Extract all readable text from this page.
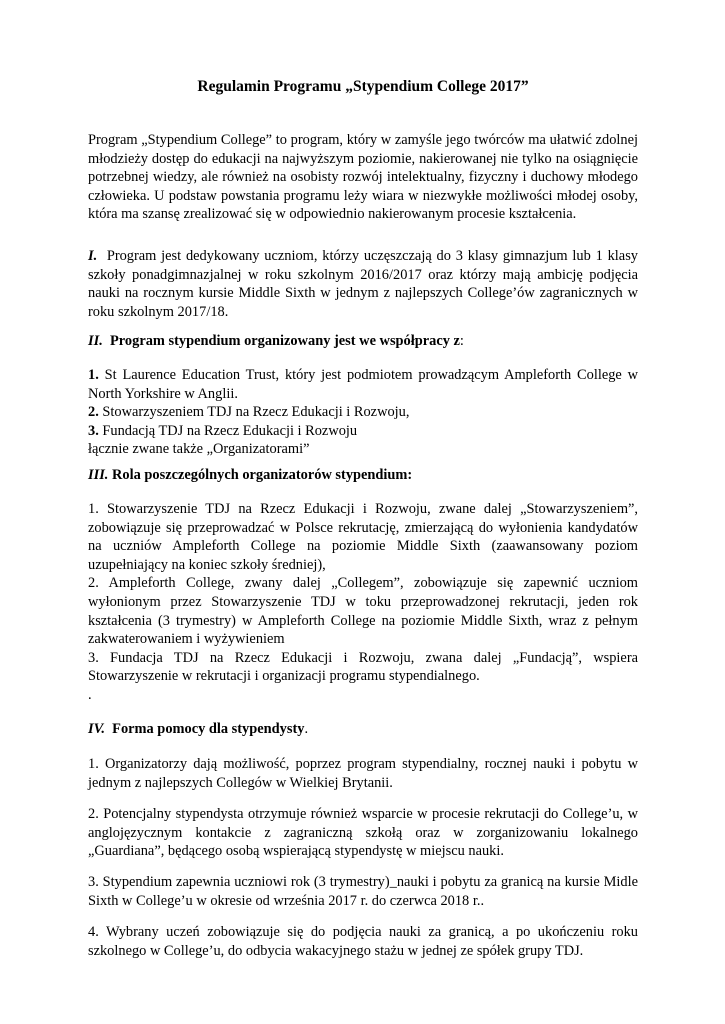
Regulamin Programu „Stypendium College 2017”

Program „Stypendium College” to program, który w zamyśle jego twórców ma ułatwić zdolnej młodzieży dostęp do edukacji na najwyższym poziomie, nakierowanej nie tylko na osiągnięcie potrzebnej wiedzy, ale również na osobisty rozwój intelektualny, fizyczny i duchowy młodego człowieka. U podstaw powstania programu leży wiara w niezwykłe możliwości młodej osoby, która ma szansę zrealizować się w odpowiednio nakierowanym procesie kształcenia.

I. Program jest dedykowany uczniom, którzy uczęszczają do 3 klasy gimnazjum lub 1 klasy szkoły ponadgimnazjalnej w roku szkolnym 2016/2017 oraz którzy mają ambicję podjęcia nauki na rocznym kursie Middle Sixth w jednym z najlepszych College’ów zagranicznych w roku szkolnym 2017/18.

II. Program stypendium organizowany jest we współpracy z:

1. St Laurence Education Trust, który jest podmiotem prowadzącym Ampleforth College w North Yorkshire w Anglii.

2. Stowarzyszeniem TDJ na Rzecz Edukacji i Rozwoju,

3. Fundacją TDJ na Rzecz Edukacji i Rozwoju

łącznie zwane także „Organizatorami”

III. Rola poszczególnych organizatorów stypendium:

1. Stowarzyszenie TDJ na Rzecz Edukacji i Rozwoju, zwane dalej „Stowarzyszeniem”, zobowiązuje się przeprowadzać w Polsce rekrutację, zmierzającą do wyłonienia kandydatów na uczniów Ampleforth College na poziomie Middle Sixth (zaawansowany poziom uzupełniający na koniec szkoły średniej),

2. Ampleforth College, zwany dalej „Collegem”, zobowiązuje się zapewnić uczniom wyłonionym przez Stowarzyszenie TDJ w toku przeprowadzonej rekrutacji, jeden rok kształcenia (3 trymestry) w Ampleforth College na poziomie Middle Sixth, wraz z pełnym zakwaterowaniem i wyżywieniem

3. Fundacja TDJ na Rzecz Edukacji i Rozwoju, zwana dalej „Fundacją”, wspiera Stowarzyszenie w rekrutacji i organizacji programu stypendialnego.

.

IV. Forma pomocy dla stypendysty.

1. Organizatorzy dają możliwość, poprzez program stypendialny, rocznej nauki i pobytu w jednym z najlepszych Collegów w Wielkiej Brytanii.

2. Potencjalny stypendysta otrzymuje również wsparcie w procesie rekrutacji do College’u, w anglojęzycznym kontakcie z zagraniczną szkołą oraz w zorganizowaniu lokalnego „Guardiana”, będącego osobą wspierającą stypendystę w miejscu nauki.

3. Stypendium zapewnia uczniowi rok (3 trymestry)_nauki i pobytu za granicą na kursie Midle Sixth w College’u w okresie od września 2017 r. do czerwca 2018 r..

4. Wybrany uczeń zobowiązuje się do podjęcia nauki za granicą, a po ukończeniu roku szkolnego w College’u, do odbycia wakacyjnego stażu w jednej ze spółek grupy TDJ.
